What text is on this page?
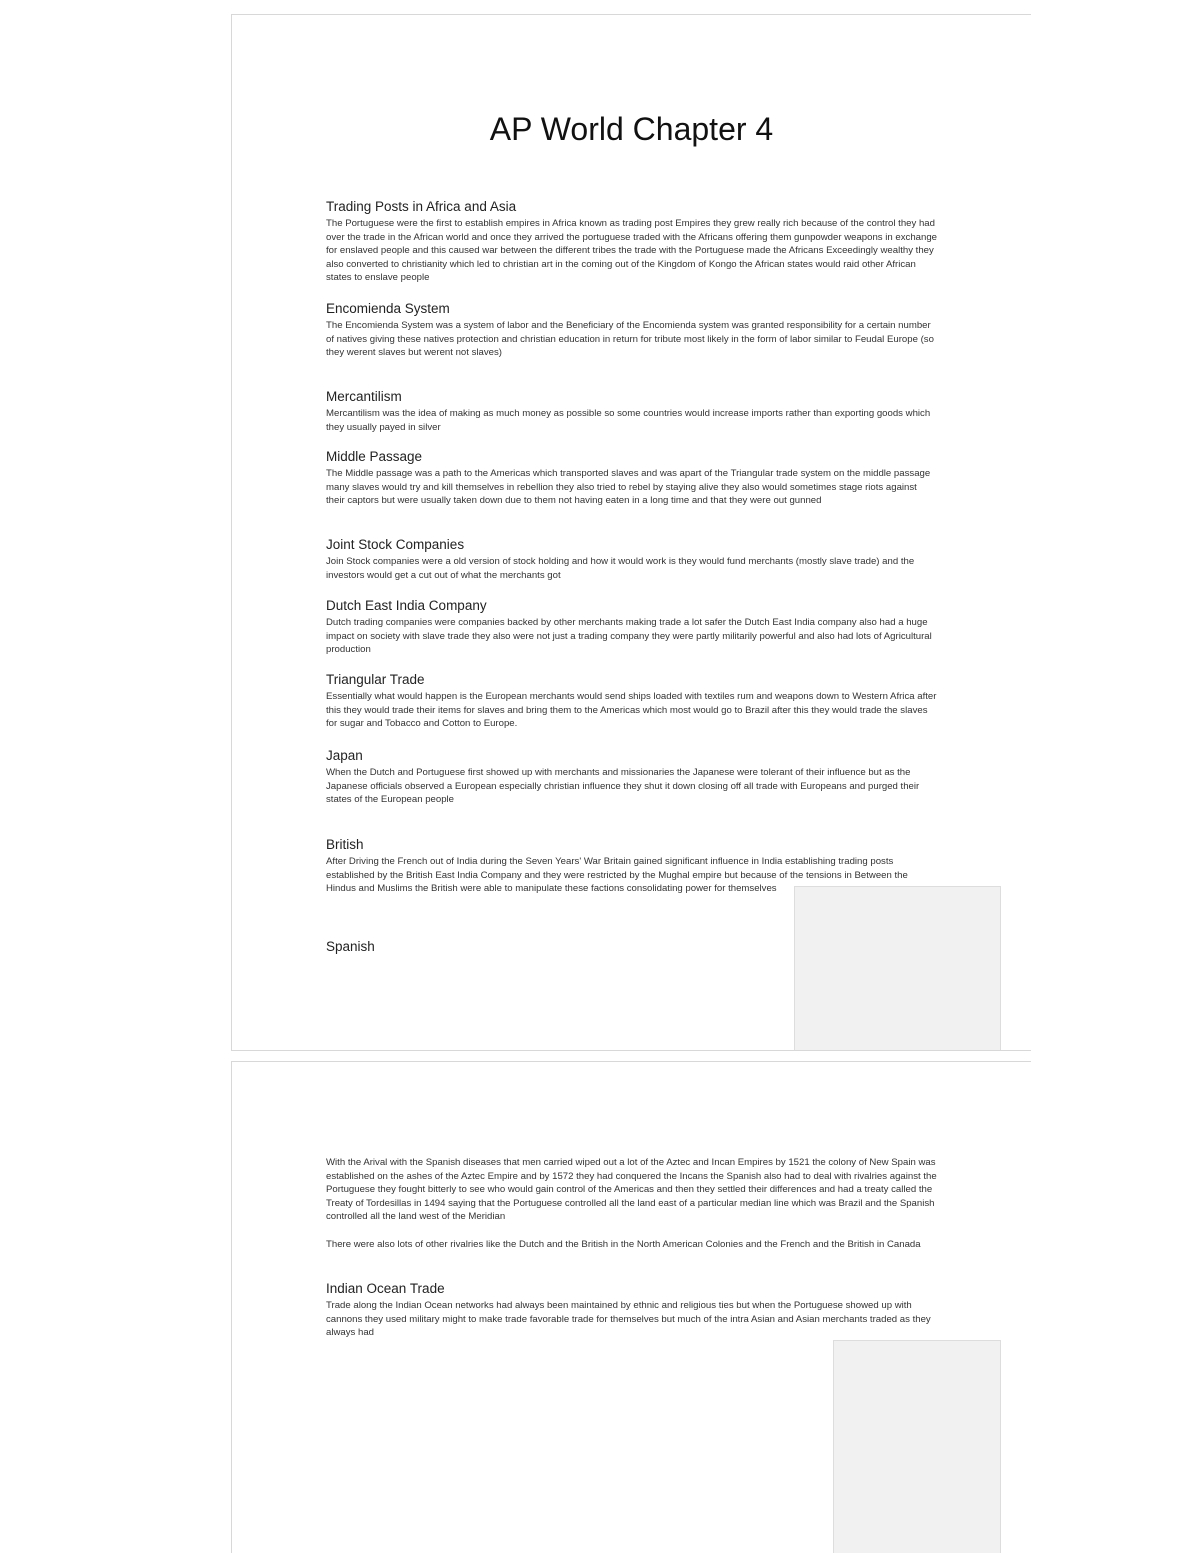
AP World Chapter 4
Trading Posts in Africa and Asia

The Portuguese were the first to establish empires in Africa known as trading post Empires they grew really rich because of the control they had over the trade in the African world and once they arrived the portuguese traded with the Africans offering them gunpowder weapons in exchange for enslaved people and this caused war between the different tribes the trade with the Portuguese made the Africans Exceedingly wealthy they also converted to christianity which led to christian art in the coming out of the Kingdom of Kongo the African states would raid other African states to enslave people

Encomienda System

The Encomienda System was a system of labor and the Beneficiary of the Encomienda system was granted responsibility for a certain number of natives giving these natives protection and christian education in return for tribute most likely in the form of labor similar to Feudal Europe (so they werent slaves but werent not slaves)

Mercantilism

Mercantilism was the idea of making as much money as possible so some countries would increase imports rather than exporting goods which they usually payed in silver

Middle Passage

The Middle passage was a path to the Americas which transported slaves and was apart of the Triangular trade system on the middle passage many slaves would try and kill themselves in rebellion they also tried to rebel by staying alive they also would sometimes stage riots against their captors but were usually taken down due to them not having eaten in a long time and that they were out gunned

Joint Stock Companies

Join Stock companies were a old version of stock holding and how it would work is they would fund merchants (mostly slave trade) and the investors would get a cut out of what the merchants got

Dutch East India Company

Dutch trading companies were companies backed by other merchants making trade a lot safer the Dutch East India company also had a huge impact on society with slave trade they also were not just a trading company they were partly militarily powerful and also had lots of Agricultural production

Triangular Trade

Essentially what would happen is the European merchants would send ships loaded with textiles rum and weapons down to Western Africa after this they would trade their items for slaves and bring them to the Americas which most would go to Brazil after this they would trade the slaves for sugar and Tobacco and Cotton to Europe.

Japan

When the Dutch and Portuguese first showed up with merchants and missionaries the Japanese were tolerant of their influence but as the Japanese officials observed a European especially christian influence they shut it down closing off all trade with Europeans and purged their states of the European people

British

After Driving the French out of India during the Seven Years' War Britain gained significant influence in India establishing trading posts established by the British East India Company and they were restricted by the Mughal empire but because of the tensions in Between the Hindus and Muslims the British were able to manipulate these factions consolidating power for themselves

Spanish

With the Arival with the Spanish diseases that men carried wiped out a lot of the Aztec and Incan Empires by 1521 the colony of New Spain was established on the ashes of the Aztec Empire and by 1572 they had conquered the Incans the Spanish also had to deal with rivalries against the Portuguese they fought bitterly to see who would gain control of the Americas and then they settled their differences and had a treaty called the Treaty of Tordesillas in 1494 saying that the Portuguese controlled all the land east of a particular median line which was Brazil and the Spanish controlled all the land west of the Meridian

There were also lots of other rivalries like the Dutch and the British in the North American Colonies and the French and the British in Canada

Indian Ocean Trade

Trade along the Indian Ocean networks had always been maintained by ethnic and religious ties but when the Portuguese showed up with cannons they used military might to make trade favorable trade for themselves but much of the intra Asian and Asian merchants traded as they always had
